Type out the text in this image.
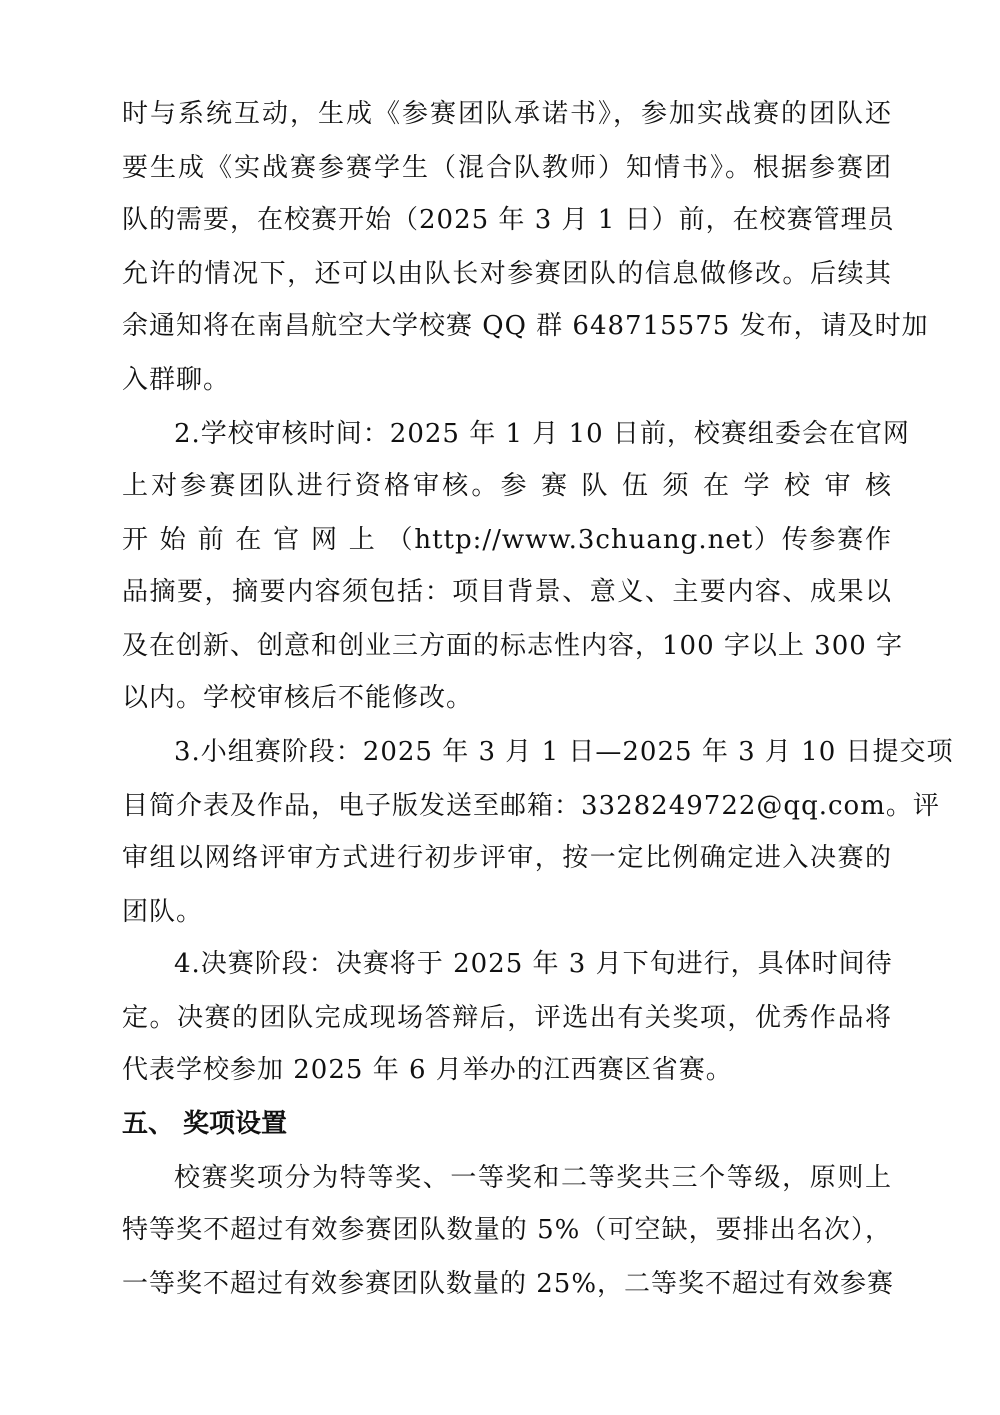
时与系统互动，生成《参赛团队承诺书》，参加实战赛的团队还
要生成《实战赛参赛学生（混合队教师）知情书》。根据参赛团
队的需要，在校赛开始（2025 年 3 月 1 日）前，在校赛管理员
允许的情况下，还可以由队长对参赛团队的信息做修改。后续其
余通知将在南昌航空大学校赛 QQ 群 648715575 发布，请及时加
入群聊。
2.学校审核时间：2025 年 1 月 10 日前，校赛组委会在官网
上对参赛团队进行资格审核。参 赛 队 伍 须 在 学 校 审 核
开 始 前 在 官 网 上 （http://www.3chuang.net）传参赛作
品摘要，摘要内容须包括：项目背景、意义、主要内容、成果以
及在创新、创意和创业三方面的标志性内容，100 字以上 300 字
以内。学校审核后不能修改。
3.小组赛阶段：2025 年 3 月 1 日—2025 年 3 月 10 日提交项
目简介表及作品，电子版发送至邮箱：3328249722@qq.com。评
审组以网络评审方式进行初步评审，按一定比例确定进入决赛的
团队。
4.决赛阶段：决赛将于 2025 年 3 月下旬进行，具体时间待
定。决赛的团队完成现场答辩后，评选出有关奖项，优秀作品将
代表学校参加 2025 年 6 月举办的江西赛区省赛。
五、 奖项设置
校赛奖项分为特等奖、一等奖和二等奖共三个等级，原则上
特等奖不超过有效参赛团队数量的 5%（可空缺，要排出名次），
一等奖不超过有效参赛团队数量的 25%，二等奖不超过有效参赛
